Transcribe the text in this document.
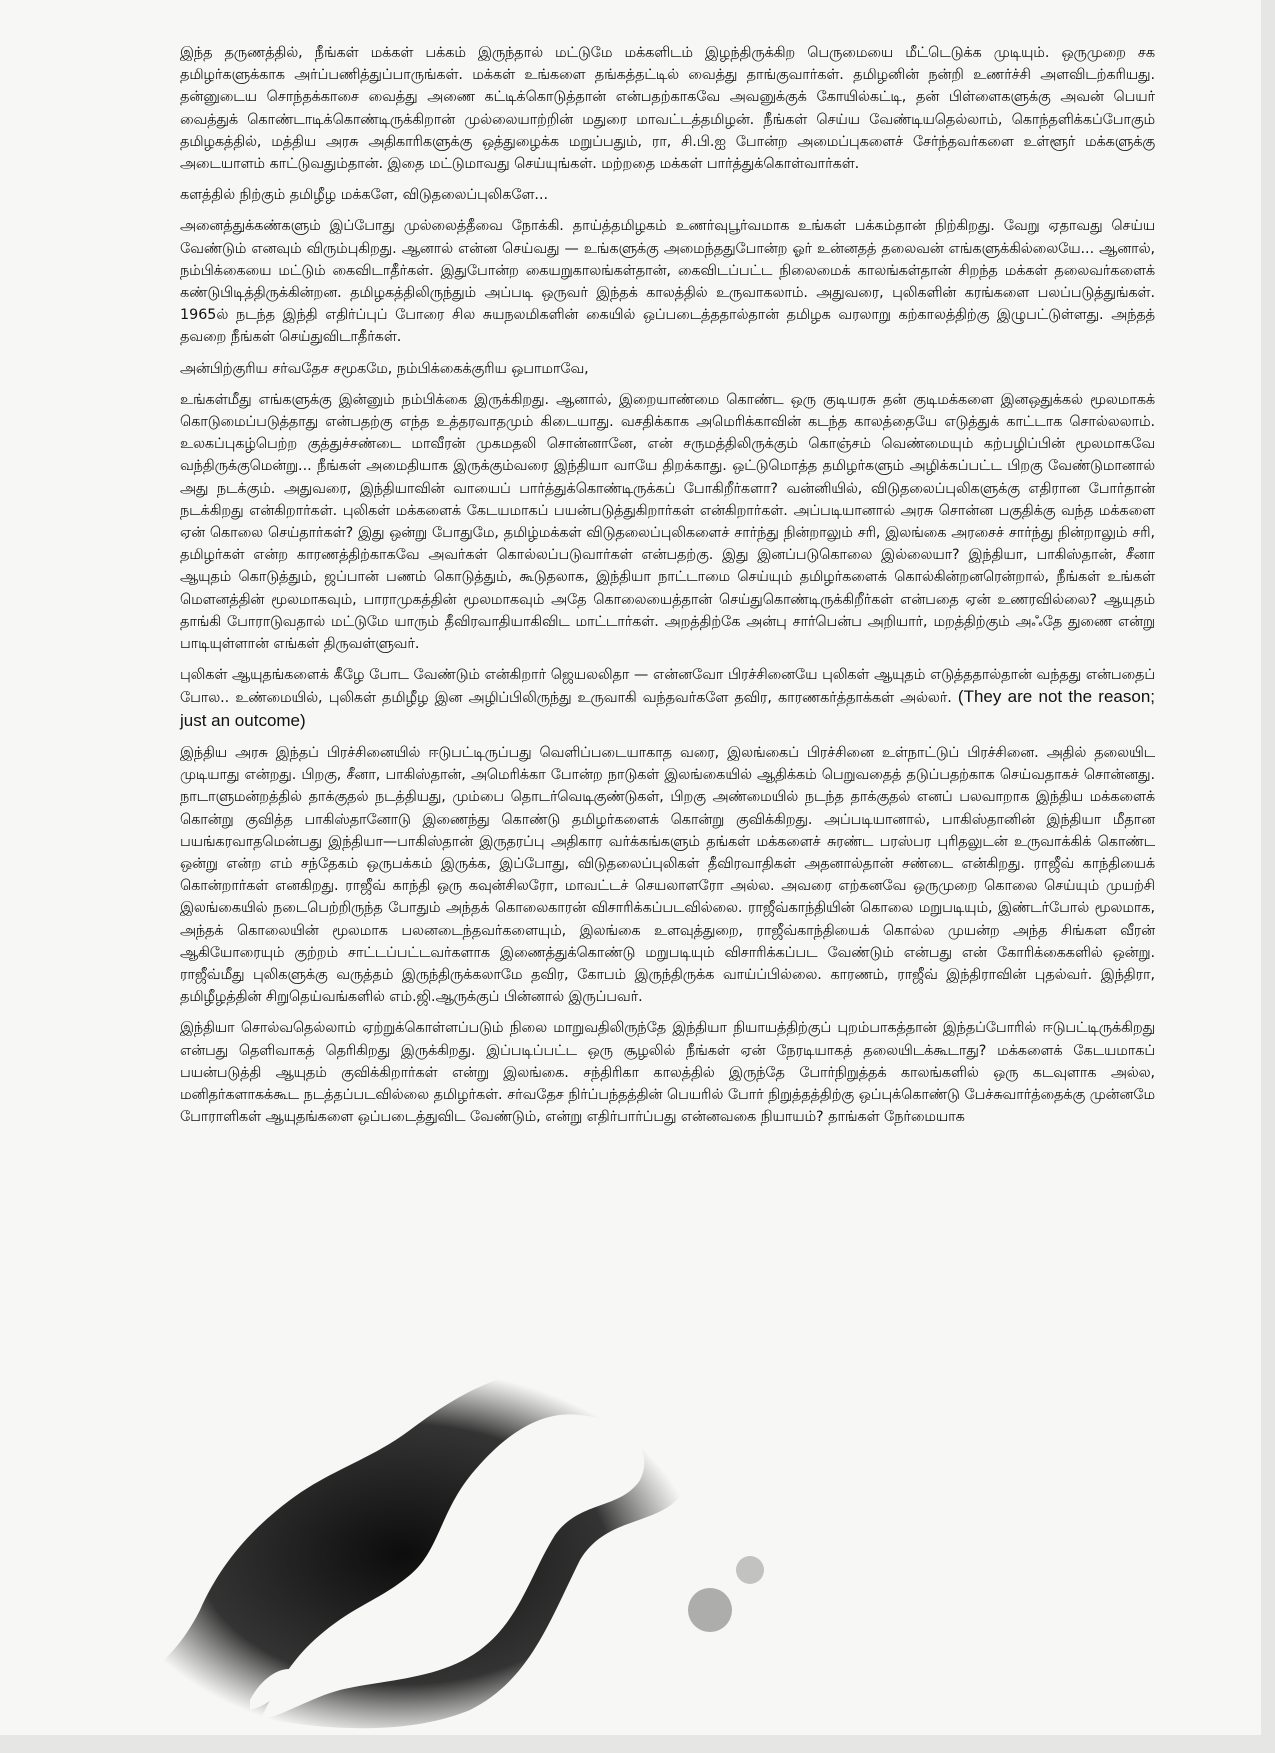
இந்த தருணத்தில், நீங்கள் மக்கள் பக்கம் இருந்தால் மட்டுமே மக்களிடம் இழந்திருக்கிற பெருமையை மீட்டெடுக்க முடியும். ஒருமுறை சக தமிழர்களுக்காக அர்ப்பணித்துப்பாருங்கள். மக்கள் உங்களை தங்கத்தட்டில் வைத்து தாங்குவார்கள். தமிழனின் நன்றி உணர்ச்சி அளவிடற்கரியது. தன்னுடைய சொந்தக்காசை வைத்து அணை கட்டிக்கொடுத்தான் என்பதற்காகவே அவனுக்குக் கோயில்கட்டி, தன் பிள்ளைகளுக்கு அவன் பெயர் வைத்துக் கொண்டாடிக்கொண்டிருக்கிறான் முல்லையாற்றின் மதுரை மாவட்டத்தமிழன். நீங்கள் செய்ய வேண்டியதெல்லாம், கொந்தளிக்கப்போகும் தமிழகத்தில், மத்திய அரசு அதிகாரிகளுக்கு ஒத்துழைக்க மறுப்பதும், ரா, சி.பி.ஐ போன்ற அமைப்புகளைச் சேர்ந்தவர்களை உள்ளூர் மக்களுக்கு அடையாளம் காட்டுவதும்தான். இதை மட்டுமாவது செய்யுங்கள். மற்றதை மக்கள் பார்த்துக்கொள்வார்கள்.

களத்தில் நிற்கும் தமிழீழ மக்களே, விடுதலைப்புலிகளே...

அனைத்துக்கண்களும் இப்போது முல்லைத்தீவை நோக்கி. தாய்த்தமிழகம் உணர்வுபூர்வமாக உங்கள் பக்கம்தான் நிற்கிறது. வேறு ஏதாவது செய்ய வேண்டும் எனவும் விரும்புகிறது. ஆனால் என்ன செய்வது — உங்களுக்கு அமைந்ததுபோன்ற ஓர் உன்னதத் தலைவன் எங்களுக்கில்லையே... ஆனால், நம்பிக்கையை மட்டும் கைவிடாதீர்கள். இதுபோன்ற கையறுகாலங்கள்தான், கைவிடப்பட்ட நிலைமைக் காலங்கள்தான் சிறந்த மக்கள் தலைவர்களைக் கண்டுபிடித்திருக்கின்றன. தமிழகத்திலிருந்தும் அப்படி ஒருவர் இந்தக் காலத்தில் உருவாகலாம். அதுவரை, புலிகளின் கரங்களை பலப்படுத்துங்கள். 1965ல் நடந்த இந்தி எதிர்ப்புப் போரை சில சுயநலமிகளின் கையில் ஒப்படைத்ததால்தான் தமிழக வரலாறு கற்காலத்திற்கு இழுபட்டுள்ளது. அந்தத் தவறை நீங்கள் செய்துவிடாதீர்கள்.

அன்பிற்குரிய சர்வதேச சமூகமே, நம்பிக்கைக்குரிய ஒபாமாவே,

உங்கள்மீது எங்களுக்கு இன்னும் நம்பிக்கை இருக்கிறது. ஆனால், இறையாண்மை கொண்ட ஒரு குடியரசு தன் குடிமக்களை இனஒதுக்கல் மூலமாகக் கொடுமைப்படுத்தாது என்பதற்கு எந்த உத்தரவாதமும் கிடையாது. வசதிக்காக அமெரிக்காவின் கடந்த காலத்தையே எடுத்துக் காட்டாக சொல்லலாம். உலகப்புகழ்பெற்ற குத்துச்சண்டை மாவீரன் முகமதலி சொன்னானே, என் சருமத்திலிருக்கும் கொஞ்சம் வெண்மையும் கற்பழிப்பின் மூலமாகவே வந்திருக்குமென்று... நீங்கள் அமைதியாக இருக்கும்வரை இந்தியா வாயே திறக்காது. ஒட்டுமொத்த தமிழர்களும் அழிக்கப்பட்ட பிறகு வேண்டுமானால் அது நடக்கும். அதுவரை, இந்தியாவின் வாயைப் பார்த்துக்கொண்டிருக்கப் போகிறீர்களா? வன்னியில், விடுதலைப்புலிகளுக்கு எதிரான போர்தான் நடக்கிறது என்கிறார்கள். புலிகள் மக்களைக் கேடயமாகப் பயன்படுத்துகிறார்கள் என்கிறார்கள். அப்படியானால் அரசு சொன்ன பகுதிக்கு வந்த மக்களை ஏன் கொலை செய்தார்கள்? இது ஒன்று போதுமே, தமிழ்மக்கள் விடுதலைப்புலிகளைச் சார்ந்து நின்றாலும் சரி, இலங்கை அரசைச் சார்ந்து நின்றாலும் சரி, தமிழர்கள் என்ற காரணத்திற்காகவே அவர்கள் கொல்லப்படுவார்கள் என்பதற்கு. இது இனப்படுகொலை இல்லையா? இந்தியா, பாகிஸ்தான், சீனா ஆயுதம் கொடுத்தும், ஜப்பான் பணம் கொடுத்தும், கூடுதலாக, இந்தியா நாட்டாமை செய்யும் தமிழர்களைக் கொல்கின்றனரென்றால், நீங்கள் உங்கள் மௌனத்தின் மூலமாகவும், பாராமுகத்தின் மூலமாகவும் அதே கொலையைத்தான் செய்துகொண்டிருக்கிறீர்கள் என்பதை ஏன் உணரவில்லை? ஆயுதம் தாங்கி போராடுவதால் மட்டுமே யாரும் தீவிரவாதியாகிவிட மாட்டார்கள். அறத்திற்கே அன்பு சார்பென்ப அறியார், மறத்திற்கும் அஃதே துணை என்று பாடியுள்ளான் எங்கள் திருவள்ளுவர்.

புலிகள் ஆயுதங்களைக் கீழே போட வேண்டும் என்கிறார் ஜெயலலிதா — என்னவோ பிரச்சினையே புலிகள் ஆயுதம் எடுத்ததால்தான் வந்தது என்பதைப் போல.. உண்மையில், புலிகள் தமிழீழ இன அழிப்பிலிருந்து உருவாகி வந்தவர்களே தவிர, காரணகர்த்தாக்கள் அல்லர். (They are not the reason; just an outcome)

இந்திய அரசு இந்தப் பிரச்சினையில் ஈடுபட்டிருப்பது வெளிப்படையாகாத வரை, இலங்கைப் பிரச்சினை உள்நாட்டுப் பிரச்சினை. அதில் தலையிட முடியாது என்றது. பிறகு, சீனா, பாகிஸ்தான், அமெரிக்கா போன்ற நாடுகள் இலங்கையில் ஆதிக்கம் பெறுவதைத் தடுப்பதற்காக செய்வதாகச் சொன்னது. நாடாளுமன்றத்தில் தாக்குதல் நடத்தியது, மும்பை தொடர்வெடிகுண்டுகள், பிறகு அண்மையில் நடந்த தாக்குதல் எனப் பலவாறாக இந்திய மக்களைக் கொன்று குவித்த பாகிஸ்தானோடு இணைந்து கொண்டு தமிழர்களைக் கொன்று குவிக்கிறது. அப்படியானால், பாகிஸ்தானின் இந்தியா மீதான பயங்கரவாதமென்பது இந்தியா—பாகிஸ்தான் இருதரப்பு அதிகார வர்க்கங்களும் தங்கள் மக்களைச் சுரண்ட பரஸ்பர புரிதலுடன் உருவாக்கிக் கொண்ட ஒன்று என்ற எம் சந்தேகம் ஒருபக்கம் இருக்க, இப்போது, விடுதலைப்புலிகள் தீவிரவாதிகள் அதனால்தான் சண்டை என்கிறது. ராஜீவ் காந்தியைக் கொன்றார்கள் எனகிறது. ராஜீவ் காந்தி ஒரு கவுன்சிலரோ, மாவட்டச் செயலாளரோ அல்ல. அவரை எற்கனவே ஒருமுறை கொலை செய்யும் முயற்சி இலங்கையில் நடைபெற்றிருந்த போதும் அந்தக் கொலைகாரன் விசாரிக்கப்படவில்லை. ராஜீவ்காந்தியின் கொலை மறுபடியும், இண்டர்போல் மூலமாக, அந்தக் கொலையின் மூலமாக பலனடைந்தவர்களையும், இலங்கை உளவுத்துறை, ராஜீவ்காந்தியைக் கொல்ல முயன்ற அந்த சிங்கள வீரன் ஆகியோரையும் குற்றம் சாட்டப்பட்டவர்களாக இணைத்துக்கொண்டு மறுபடியும் விசாரிக்கப்பட வேண்டும் என்பது என் கோரிக்கைகளில் ஒன்று. ராஜீவ்மீது புலிகளுக்கு வருத்தம் இருந்திருக்கலாமே தவிர, கோபம் இருந்திருக்க வாய்ப்பில்லை. காரணம், ராஜீவ் இந்திராவின் புதல்வர். இந்திரா, தமிழீழத்தின் சிறுதெய்வங்களில் எம்.ஜி.ஆருக்குப் பின்னால் இருப்பவர்.

இந்தியா சொல்வதெல்லாம் ஏற்றுக்கொள்ளப்படும் நிலை மாறுவதிலிருந்தே இந்தியா நியாயத்திற்குப் புறம்பாகத்தான் இந்தப்போரில் ஈடுபட்டிருக்கிறது என்பது தெளிவாகத் தெரிகிறது இருக்கிறது. இப்படிப்பட்ட ஒரு சூழலில் நீங்கள் ஏன் நேரடியாகத் தலையிடக்கூடாது? மக்களைக் கேடயமாகப் பயன்படுத்தி ஆயுதம் குவிக்கிறார்கள் என்று இலங்கை. சந்திரிகா காலத்தில் இருந்தே போர்நிறுத்தக் காலங்களில் ஒரு கடவுளாக அல்ல, மனிதர்களாகக்கூட நடத்தப்படவில்லை தமிழர்கள். சர்வதேச நிர்ப்பந்தத்தின் பெயரில் போர் நிறுத்தத்திற்கு ஒப்புக்கொண்டு பேச்சுவார்த்தைக்கு முன்னமே போராளிகள் ஆயுதங்களை ஒப்படைத்துவிட வேண்டும், என்று எதிர்பார்ப்பது என்னவகை நியாயம்? தாங்கள் நேர்மையாக
